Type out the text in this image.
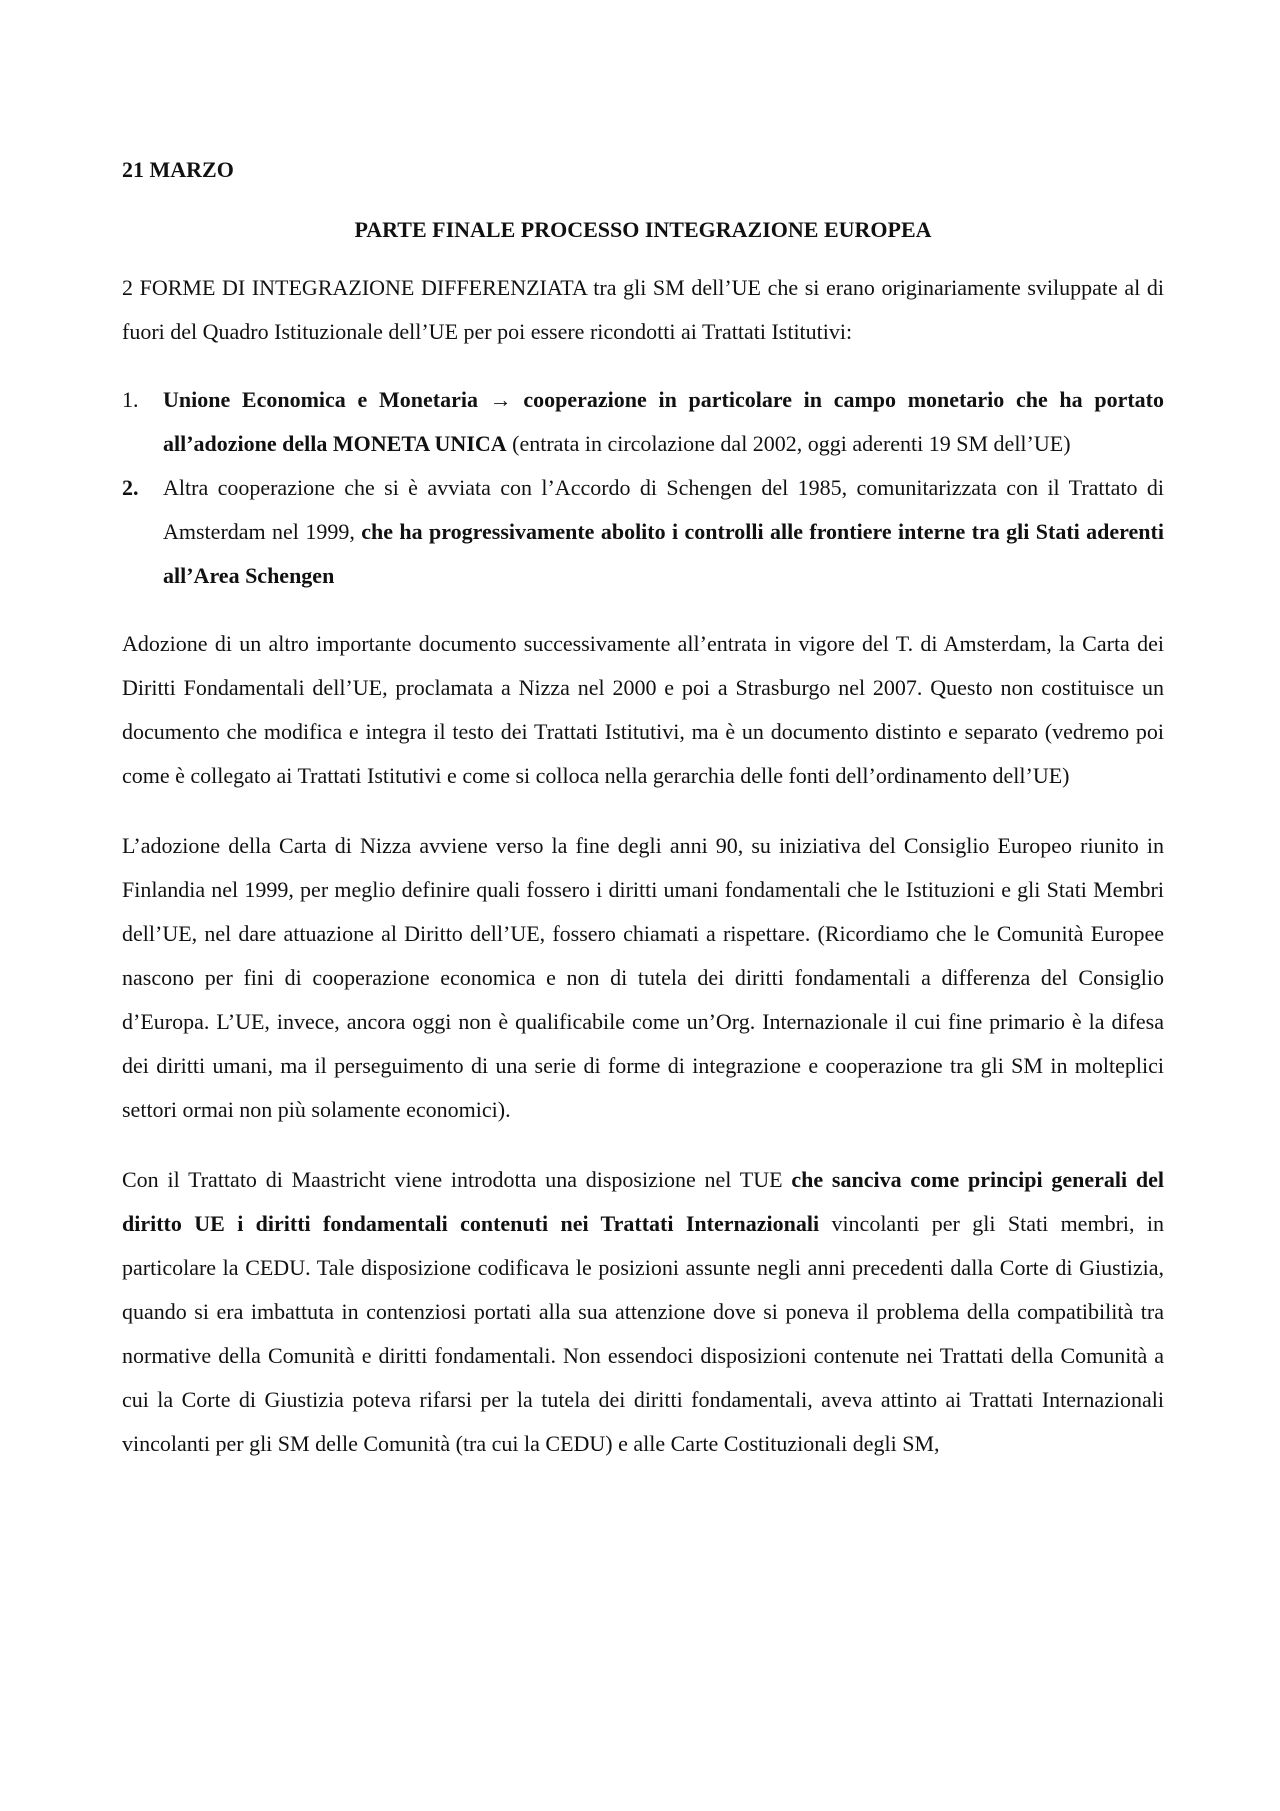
21 MARZO
PARTE FINALE PROCESSO INTEGRAZIONE EUROPEA

2 FORME DI INTEGRAZIONE DIFFERENZIATA tra gli SM dell’UE che si erano originariamente sviluppate al di fuori del Quadro Istituzionale dell’UE per poi essere ricondotti ai Trattati Istitutivi:

1. Unione Economica e Monetaria → cooperazione in particolare in campo monetario che ha portato all’adozione della MONETA UNICA (entrata in circolazione dal 2002, oggi aderenti 19 SM dell’UE)
2. Altra cooperazione che si è avviata con l’Accordo di Schengen del 1985, comunitarizzata con il Trattato di Amsterdam nel 1999, che ha progressivamente abolito i controlli alle frontiere interne tra gli Stati aderenti all’Area Schengen

Adozione di un altro importante documento successivamente all’entrata in vigore del T. di Amsterdam, la Carta dei Diritti Fondamentali dell’UE, proclamata a Nizza nel 2000 e poi a Strasburgo nel 2007. Questo non costituisce un documento che modifica e integra il testo dei Trattati Istitutivi, ma è un documento distinto e separato (vedremo poi come è collegato ai Trattati Istitutivi e come si colloca nella gerarchia delle fonti dell’ordinamento dell’UE)

L’adozione della Carta di Nizza avviene verso la fine degli anni 90, su iniziativa del Consiglio Europeo riunito in Finlandia nel 1999, per meglio definire quali fossero i diritti umani fondamentali che le Istituzioni e gli Stati Membri dell’UE, nel dare attuazione al Diritto dell’UE, fossero chiamati a rispettare. (Ricordiamo che le Comunità Europee nascono per fini di cooperazione economica e non di tutela dei diritti fondamentali a differenza del Consiglio d’Europa. L’UE, invece, ancora oggi non è qualificabile come un’Org. Internazionale il cui fine primario è la difesa dei diritti umani, ma il perseguimento di una serie di forme di integrazione e cooperazione tra gli SM in molteplici settori ormai non più solamente economici).

Con il Trattato di Maastricht viene introdotta una disposizione nel TUE che sanciva come principi generali del diritto UE i diritti fondamentali contenuti nei Trattati Internazionali vincolanti per gli Stati membri, in particolare la CEDU. Tale disposizione codificava le posizioni assunte negli anni precedenti dalla Corte di Giustizia, quando si era imbattuta in contenziosi portati alla sua attenzione dove si poneva il problema della compatibilità tra normative della Comunità e diritti fondamentali. Non essendoci disposizioni contenute nei Trattati della Comunità a cui la Corte di Giustizia poteva rifarsi per la tutela dei diritti fondamentali, aveva attinto ai Trattati Internazionali vincolanti per gli SM delle Comunità (tra cui la CEDU) e alle Carte Costituzionali degli SM,
